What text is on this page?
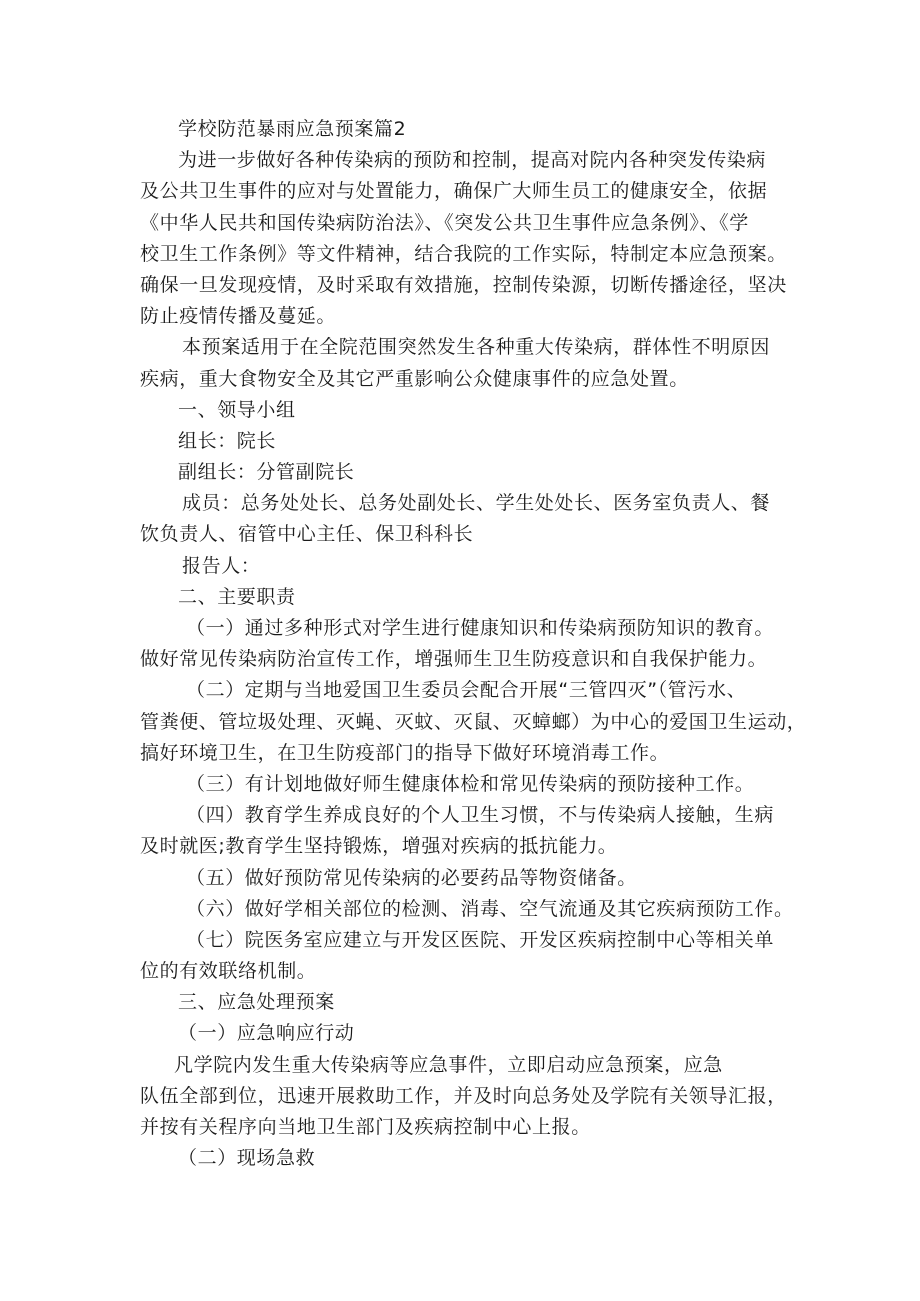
学校防范暴雨应急预案篇2
为进一步做好各种传染病的预防和控制，提高对院内各种突发传染病
及公共卫生事件的应对与处置能力，确保广大师生员工的健康安全，依据
《中华人民共和国传染病防治法》、《突发公共卫生事件应急条例》、《学
校卫生工作条例》等文件精神，结合我院的工作实际，特制定本应急预案。
确保一旦发现疫情，及时采取有效措施，控制传染源，切断传播途径，坚决
防止疫情传播及蔓延。
本预案适用于在全院范围突然发生各种重大传染病，群体性不明原因
疾病，重大食物安全及其它严重影响公众健康事件的应急处置。
一、领导小组
组长：院长
副组长：分管副院长
成员：总务处处长、总务处副处长、学生处处长、医务室负责人、餐
饮负责人、宿管中心主任、保卫科科长
报告人：
二、主要职责
（一）通过多种形式对学生进行健康知识和传染病预防知识的教育。
做好常见传染病防治宣传工作，增强师生卫生防疫意识和自我保护能力。
（二）定期与当地爱国卫生委员会配合开展“三管四灭”（管污水、
管粪便、管垃圾处理、灭蝇、灭蚊、灭鼠、灭蟑螂）为中心的爱国卫生运动，
搞好环境卫生，在卫生防疫部门的指导下做好环境消毒工作。
（三）有计划地做好师生健康体检和常见传染病的预防接种工作。
（四）教育学生养成良好的个人卫生习惯，不与传染病人接触，生病
及时就医;教育学生坚持锻炼，增强对疾病的抵抗能力。
（五）做好预防常见传染病的必要药品等物资储备。
（六）做好学相关部位的检测、消毒、空气流通及其它疾病预防工作。
（七）院医务室应建立与开发区医院、开发区疾病控制中心等相关单
位的有效联络机制。
三、应急处理预案
（一）应急响应行动
凡学院内发生重大传染病等应急事件，立即启动应急预案，应急
队伍全部到位，迅速开展救助工作，并及时向总务处及学院有关领导汇报，
并按有关程序向当地卫生部门及疾病控制中心上报。
（二）现场急救
